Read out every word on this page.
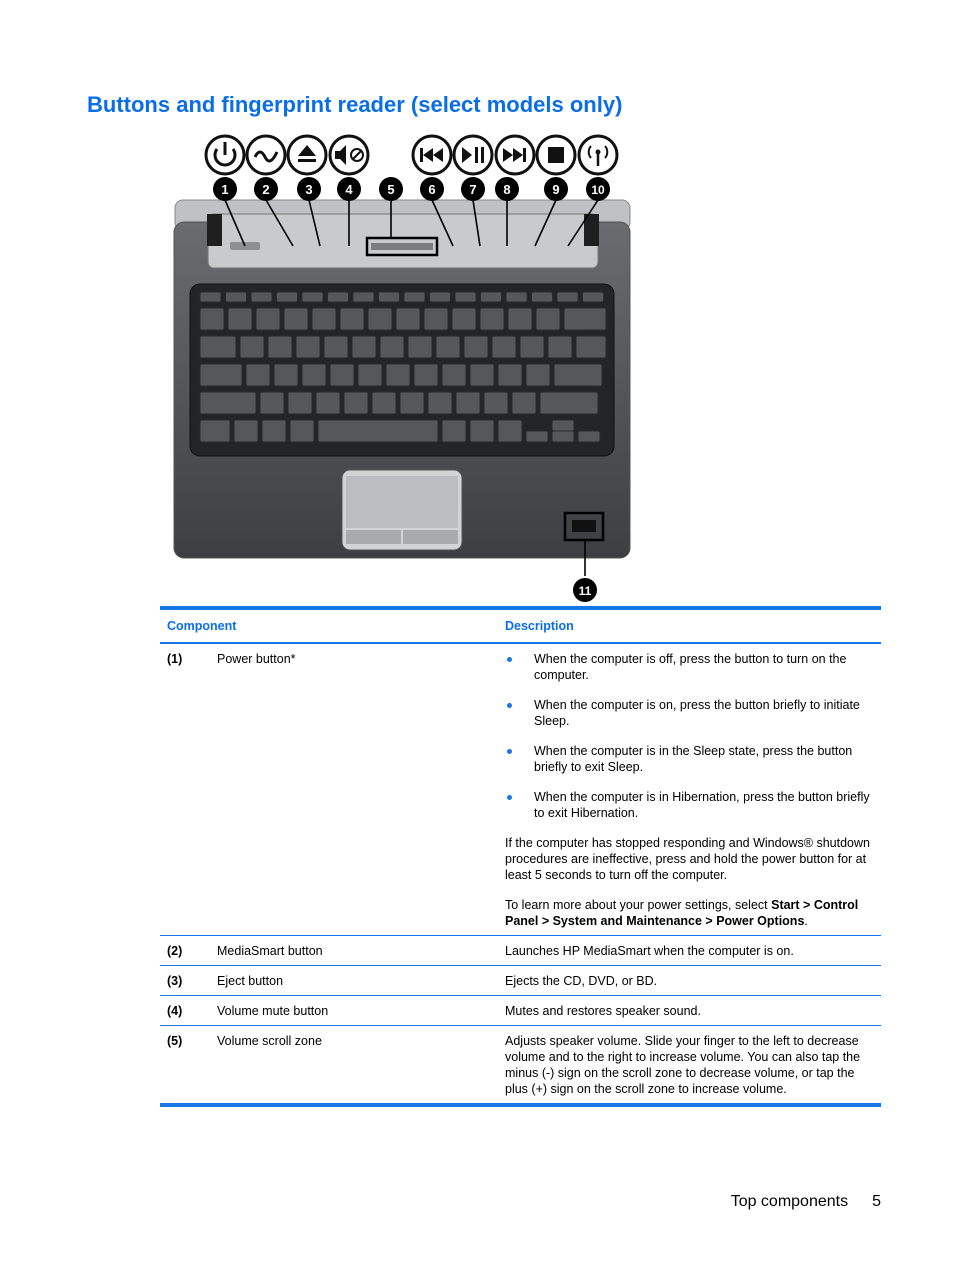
Buttons and fingerprint reader (select models only)
1	2	3	4	5	6	7 8	9	10
11
Component	Description
(1)	Power button*	When the computer is off, press the button to turn on the computer.
When the computer is on, press the button briefly to initiate Sleep.
When the computer is in the Sleep state, press the button briefly to exit Sleep.
When the computer is in Hibernation, press the button briefly to exit Hibernation.

If the computer has stopped responding and Windows® shutdown procedures are ineffective, press and hold the power button for at least 5 seconds to turn off the computer.

To learn more about your power settings, select Start > Control Panel > System and Maintenance > Power Options.

(2)	MediaSmart button	Launches HP MediaSmart when the computer is on.
(3)	Eject button	Ejects the CD, DVD, or BD.
(4)	Volume mute button	Mutes and restores speaker sound.
(5)	Volume scroll zone	Adjusts speaker volume. Slide your finger to the left to decrease volume and to the right to increase volume. You can also tap the minus (-) sign on the scroll zone to decrease volume, or tap the plus (+) sign on the scroll zone to increase volume.
Top components 5
